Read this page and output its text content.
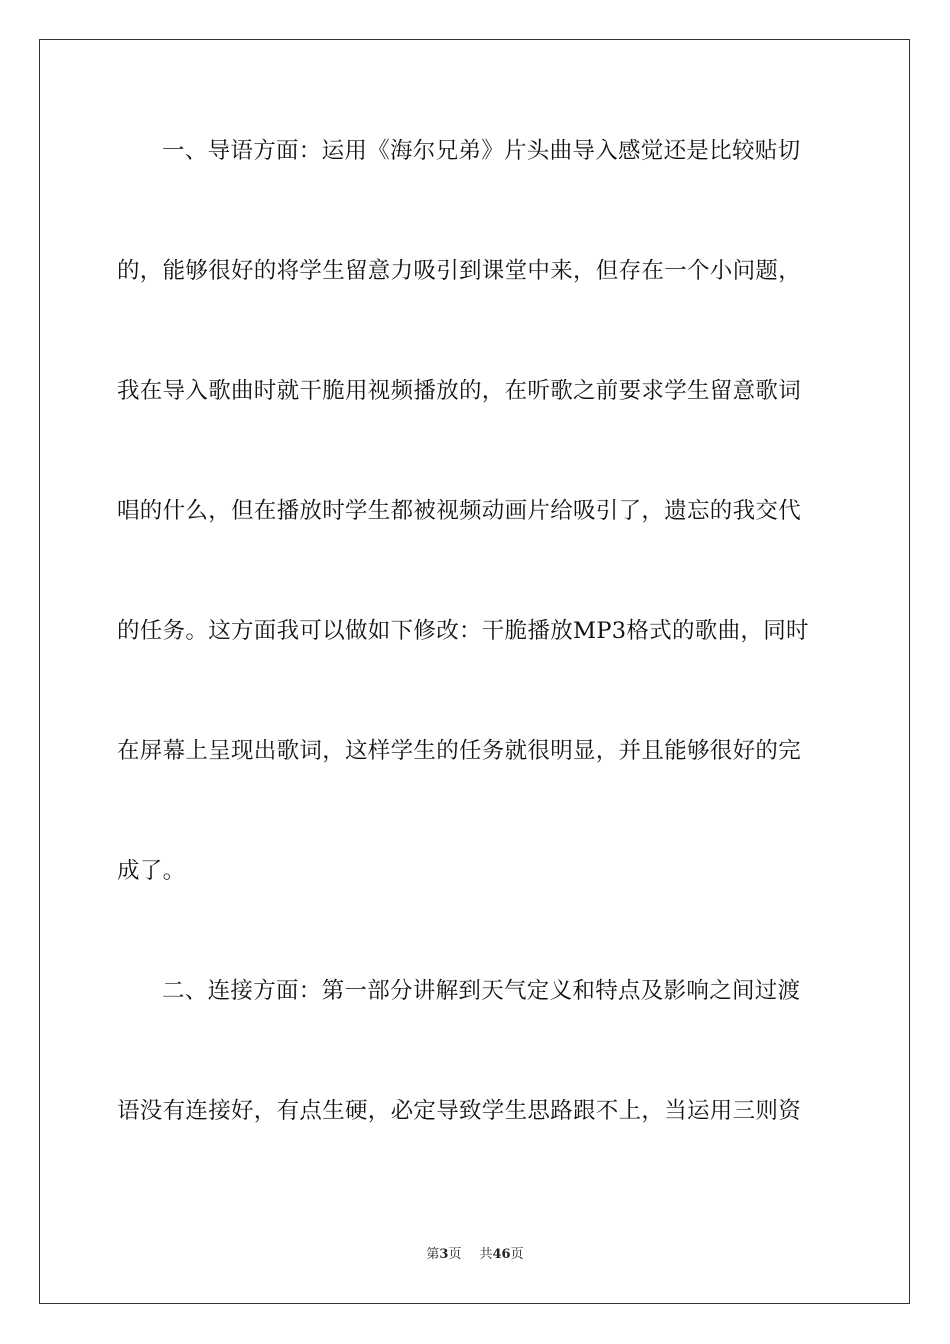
一、导语方面：运用《海尔兄弟》片头曲导入感觉还是比较贴切
的，能够很好的将学生留意力吸引到课堂中来，但存在一个小问题，
我在导入歌曲时就干脆用视频播放的，在听歌之前要求学生留意歌词
唱的什么，但在播放时学生都被视频动画片给吸引了，遗忘的我交代
的任务。这方面我可以做如下修改：干脆播放MP3格式的歌曲，同时
在屏幕上呈现出歌词，这样学生的任务就很明显，并且能够很好的完
成了。
二、连接方面：第一部分讲解到天气定义和特点及影响之间过渡
语没有连接好，有点生硬，必定导致学生思路跟不上，当运用三则资
第3页 共46页
